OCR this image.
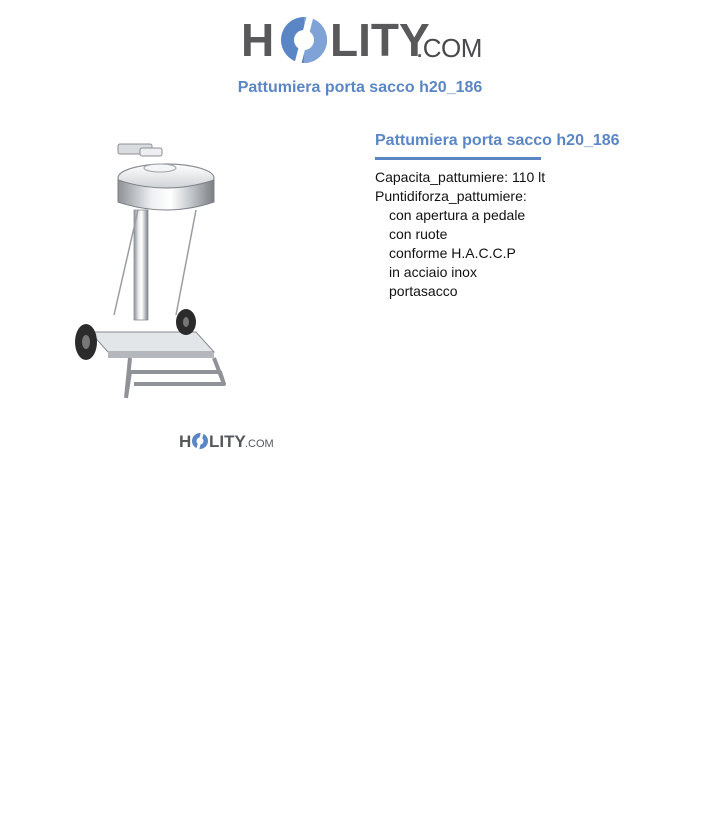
H LITY
.COM
Pattumiera porta sacco h20_186
H LITY .COM
Pattumiera porta sacco h20_186
Capacita_pattumiere: 110 lt
Puntidiforza_pattumiere:
con apertura a pedale
con ruote
conforme H.A.C.C.P
in acciaio inox
portasacco
